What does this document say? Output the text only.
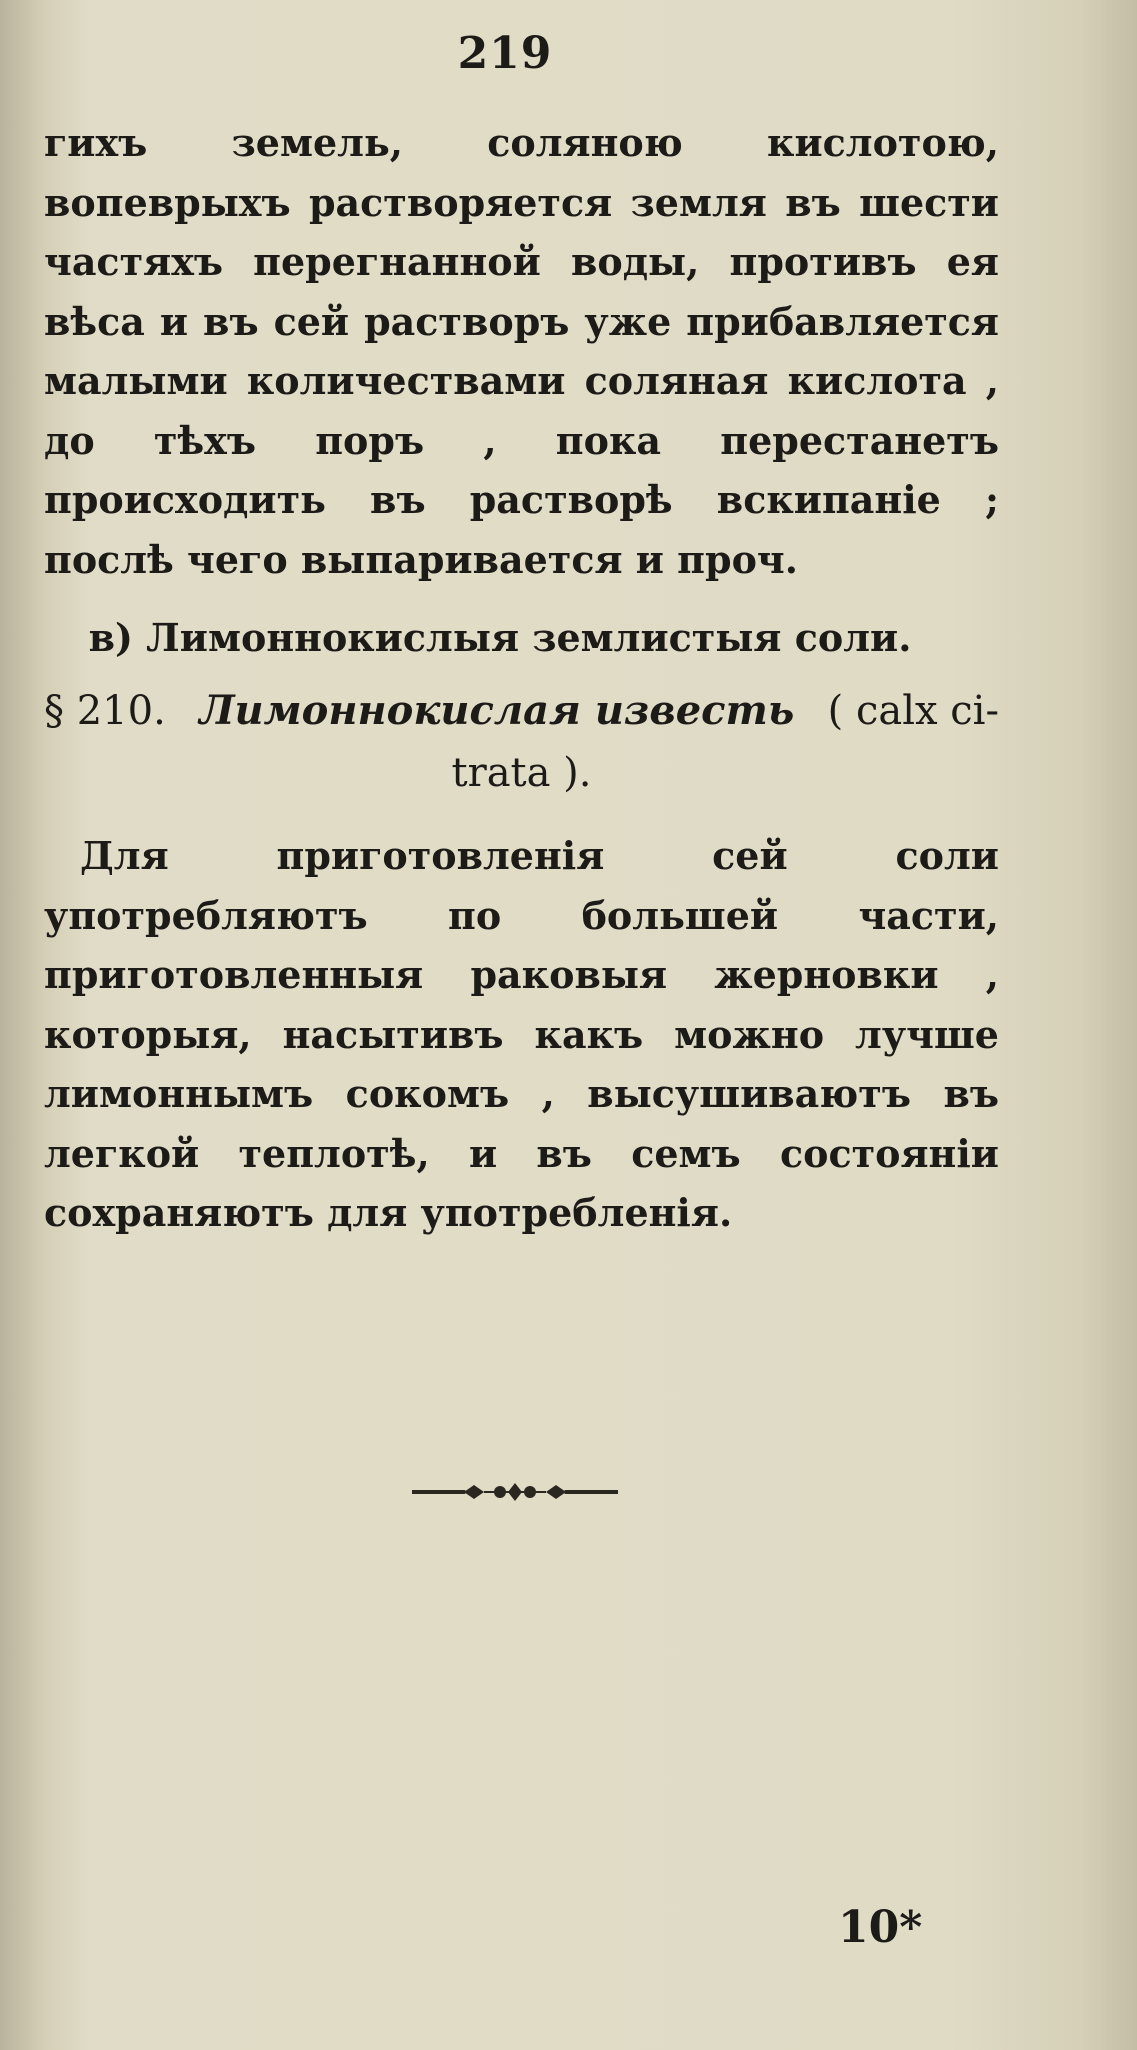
219

гихъ земель, соляною кислотою, вопеврыхъ растворяется земля въ шести частяхъ перегнанной воды, противъ ея вѣса и въ сей растворъ уже прибавляется малыми количествами соляная кислота , до тѣхъ поръ , пока перестанетъ происходить въ растворѣ вскипанiе ; послѣ чего выпаривается и проч.

в) Лимоннокислыя землистыя соли.

§ 210. Лимоннокислая известь ( calx ci-
trata ).

Для приготовленiя сей соли употребляютъ по большей части, приготовленныя раковыя жерновки , которыя, насытивъ какъ можно лучше лимоннымъ сокомъ , высушиваютъ въ легкой теплотѣ, и въ семъ состоянiи сохраняютъ для употребленiя.

10*
